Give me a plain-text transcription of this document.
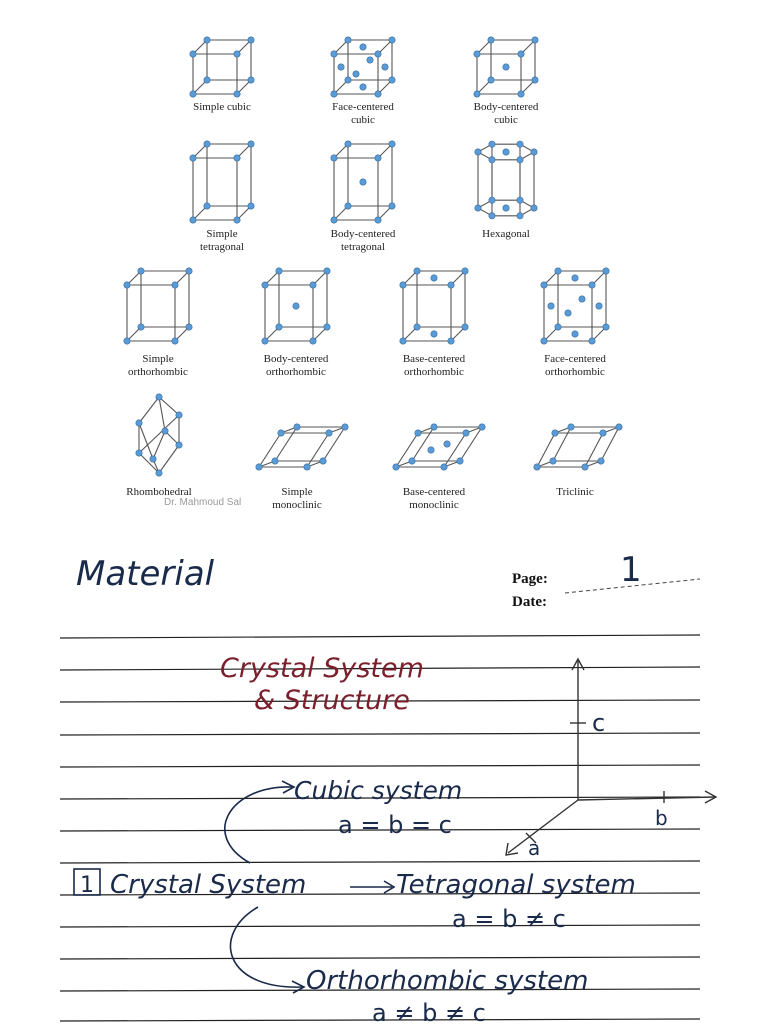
Simple cubic	Face-centered
cubic
Body-centered
cubic
Simple
tetragonal
Body-centered
tetragonal
Hexagonal
Simple
orthorhombic
Body-centered
orthorhombic
Base-centered
orthorhombic
Face-centered
orthorhombic
Rhombohedral	Simple
monoclinic
Base-centered
monoclinic
Triclinic
Dr. Mahmoud Sal
Material	1
Crystal System
& Structure
c
b
a
Cubic system
a = b = c
1 Crystal System	Tetragonal system
a = b ≠ c
Orthorhombic system
a ≠ b ≠ c
Page:
Date:
